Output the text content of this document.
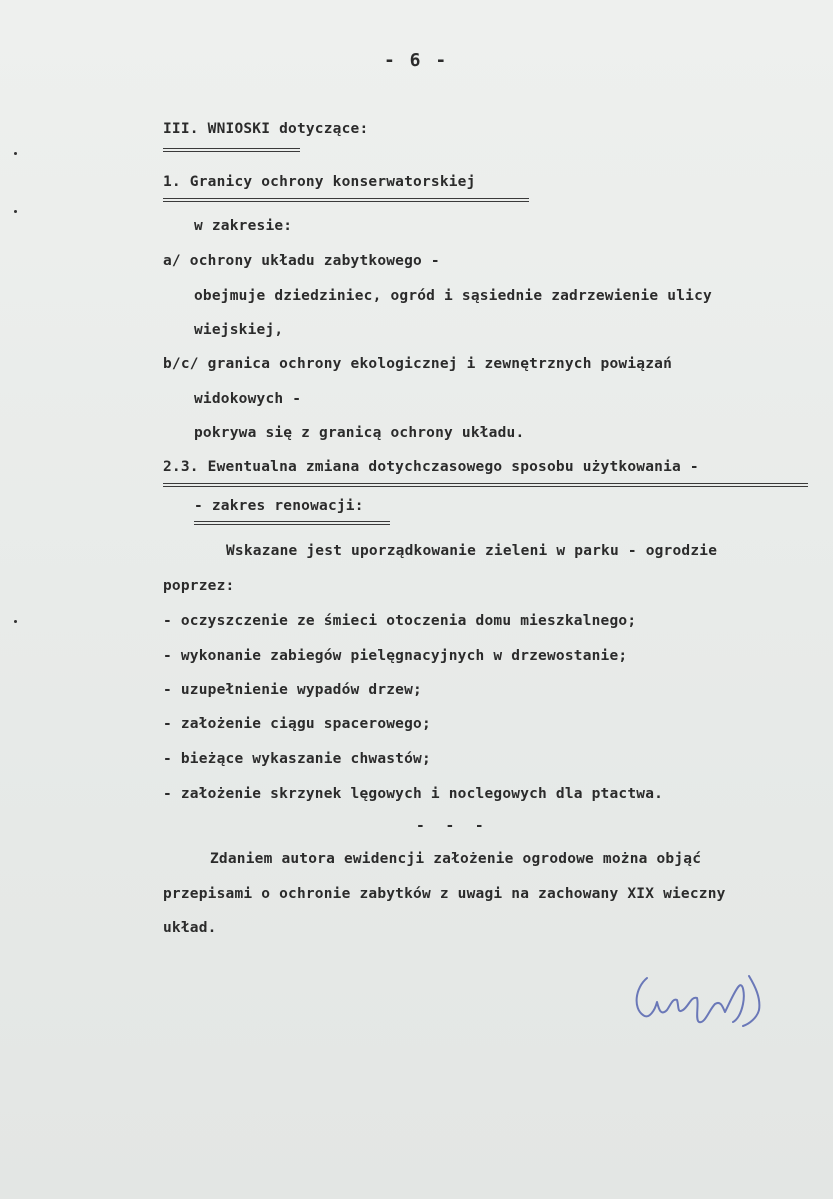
- 6 -
III. WNIOSKI dotyczące:
1. Granicy ochrony konserwatorskiej
w zakresie:
a/ ochrony układu zabytkowego -
obejmuje dziedziniec, ogród i sąsiednie zadrzewienie ulicy
wiejskiej,
b/c/ granica ochrony ekologicznej i zewnętrznych powiązań
widokowych -
pokrywa się z granicą ochrony układu.
2.3. Ewentualna zmiana dotychczasowego sposobu użytkowania -
- zakres renowacji:
Wskazane jest uporządkowanie zieleni w parku - ogrodzie
poprzez:
- oczyszczenie ze śmieci otoczenia domu mieszkalnego;
- wykonanie zabiegów pielęgnacyjnych w drzewostanie;
- uzupełnienie wypadów drzew;
- założenie ciągu spacerowego;
- bieżące wykaszanie chwastów;
- założenie skrzynek lęgowych i noclegowych dla ptactwa.
- - -
Zdaniem autora ewidencji założenie ogrodowe można objąć
przepisami o ochronie zabytków z uwagi na zachowany XIX wieczny
układ.
